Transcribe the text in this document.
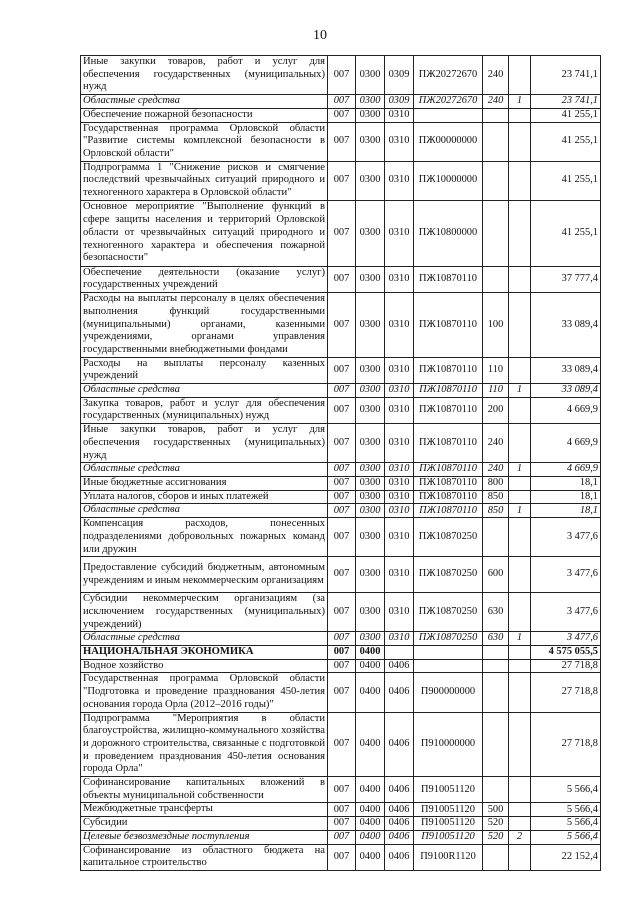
10
Иные закупки товаров, работ и услуг для обеспечения государственных (муниципальных) нужд	007	0300	0309	ПЖ20272670	240		23 741,1
Областные средства	007	0300	0309	ПЖ20272670	240	1	23 741,1
Обеспечение пожарной безопасности	007	0300	0310				41 255,1
Государственная программа Орловской области "Развитие системы комплексной безопасности в Орловской области"	007	0300	0310	ПЖ00000000			41 255,1
Подпрограмма 1 "Снижение рисков и смягчение последствий чрезвычайных ситуаций природного и техногенного характера в Орловской области"	007	0300	0310	ПЖ10000000			41 255,1
Основное мероприятие "Выполнение функций в сфере защиты населения и территорий Орловской области от чрезвычайных ситуаций природного и техногенного характера и обеспечения пожарной безопасности"	007	0300	0310	ПЖ10800000			41 255,1
Обеспечение деятельности (оказание услуг) государственных учреждений	007	0300	0310	ПЖ10870110			37 777,4
Расходы на выплаты персоналу в целях обеспечения выполнения функций государственными (муниципальными) органами, казенными учреждениями, органами управления государственными внебюджетными фондами	007	0300	0310	ПЖ10870110	100		33 089,4
Расходы на выплаты персоналу казенных учреждений	007	0300	0310	ПЖ10870110	110		33 089,4
Областные средства	007	0300	0310	ПЖ10870110	110	1	33 089,4
Закупка товаров, работ и услуг для обеспечения государственных (муниципальных) нужд	007	0300	0310	ПЖ10870110	200		4 669,9
Иные закупки товаров, работ и услуг для обеспечения государственных (муниципальных) нужд	007	0300	0310	ПЖ10870110	240		4 669,9
Областные средства	007	0300	0310	ПЖ10870110	240	1	4 669,9
Иные бюджетные ассигнования	007	0300	0310	ПЖ10870110	800		18,1
Уплата налогов, сборов и иных платежей	007	0300	0310	ПЖ10870110	850		18,1
Областные средства	007	0300	0310	ПЖ10870110	850	1	18,1
Компенсация расходов, понесенных подразделениями добровольных пожарных команд или дружин	007	0300	0310	ПЖ10870250			3 477,6
Предоставление субсидий бюджетным, автономным учреждениям и иным некоммерческим организациям	007	0300	0310	ПЖ10870250	600		3 477,6
Субсидии некоммерческим организациям (за исключением государственных (муниципальных) учреждений)	007	0300	0310	ПЖ10870250	630		3 477,6
Областные средства	007	0300	0310	ПЖ10870250	630	1	3 477,6
НАЦИОНАЛЬНАЯ ЭКОНОМИКА	007	0400					4 575 055,5
Водное хозяйство	007	0400	0406				27 718,8
Государственная программа Орловской области "Подготовка и проведение празднования 450-летия основания города Орла (2012–2016 годы)"	007	0400	0406	П900000000			27 718,8
Подпрограмма "Мероприятия в области благоустройства, жилищно-коммунального хозяйства и дорожного строительства, связанные с подготовкой и проведением празднования 450-летия основания города Орла"	007	0400	0406	П910000000			27 718,8
Софинансирование капитальных вложений в объекты муниципальной собственности	007	0400	0406	П910051120			5 566,4
Межбюджетные трансферты	007	0400	0406	П910051120	500		5 566,4
Субсидии	007	0400	0406	П910051120	520		5 566,4
Целевые безвозмездные поступления	007	0400	0406	П910051120	520	2	5 566,4
Софинансирование из областного бюджета на капитальное строительство	007	0400	0406	П9100R1120			22 152,4
